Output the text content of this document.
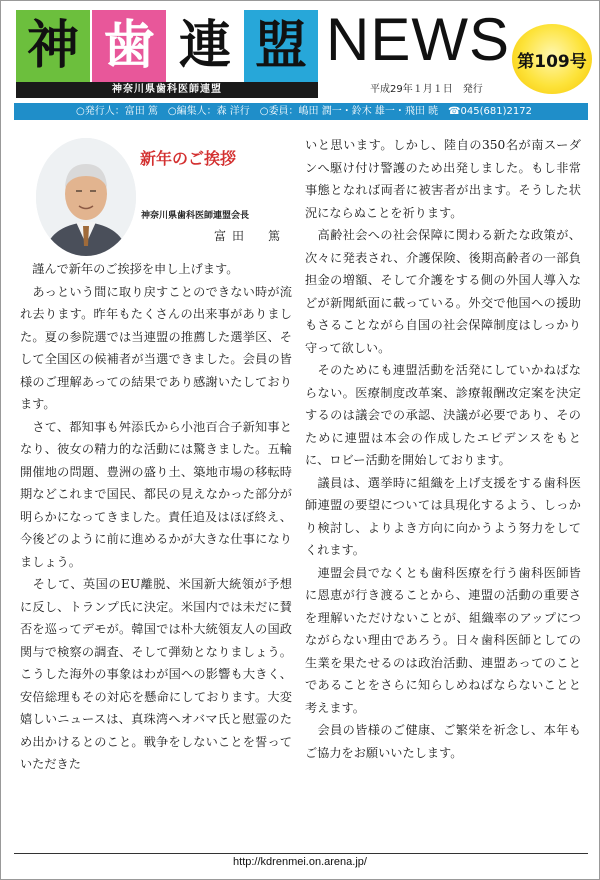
神 歯 連 盟
神奈川県歯科医師連盟
NEWS 第109号
平成29年１月１日　発行
○発行人：富田 篤　○編集人：森 洋行　○委員：嶋田 潤一・鈴木 雄一・飛田 暁　☎045(681)2172
新年のご挨拶
神奈川県歯科医師連盟会長
富田　篤

　謹んで新年のご挨拶を申し上げます。

　あっという間に取り戻すことのできない時が流れ去ります。昨年もたくさんの出来事がありました。夏の参院選では当連盟の推薦した選挙区、そして全国区の候補者が当選できました。会員の皆様のご理解あっての結果であり感謝いたしております。

　さて、都知事も舛添氏から小池百合子新知事となり、彼女の精力的な活動には驚きました。五輪開催地の問題、豊洲の盛り土、築地市場の移転時期などこれまで国民、都民の見えなかった部分が明らかになってきました。責任追及はほぼ終え、今後どのように前に進めるかが大きな仕事になりましょう。

　そして、英国のEU離脱、米国新大統領が予想に反し、トランプ氏に決定。米国内では未だに賛否を巡ってデモが。韓国では朴大統領友人の国政関与で検察の調査、そして弾劾となりましょう。こうした海外の事象はわが国への影響も大きく、安倍総理もその対応を懸命にしております。大変嬉しいニュースは、真珠湾へオバマ氏と慰霊のため出かけるとのこと。戦争をしないことを誓っていただきた

いと思います。しかし、陸自の350名が南スーダンへ駆け付け警護のため出発しました。もし非常事態となれば両者に被害者が出ます。そうした状況にならぬことを祈ります。

　高齢社会への社会保障に関わる新たな政策が、次々に発表され、介護保険、後期高齢者の一部負担金の増額、そして介護をする側の外国人導入などが新聞紙面に載っている。外交で他国への援助もさることながら自国の社会保障制度はしっかり守って欲しい。

　そのためにも連盟活動を活発にしていかねばならない。医療制度改革案、診療報酬改定案を決定するのは議会での承認、決議が必要であり、そのために連盟は本会の作成したエビデンスをもとに、ロビー活動を開始しております。

　議員は、選挙時に組織を上げ支援をする歯科医師連盟の要望については具現化するよう、しっかり検討し、よりよき方向に向かうよう努力をしてくれます。

　連盟会員でなくとも歯科医療を行う歯科医師皆に恩恵が行き渡ることから、連盟の活動の重要さを理解いただけないことが、組織率のアップにつながらない理由であろう。日々歯科医師としての生業を果たせるのは政治活動、連盟あってのことであることをさらに知らしめねばならないことと考えます。

　会員の皆様のご健康、ご繁栄を祈念し、本年もご協力をお願いいたします。

http://kdrenmei.on.arena.jp/
